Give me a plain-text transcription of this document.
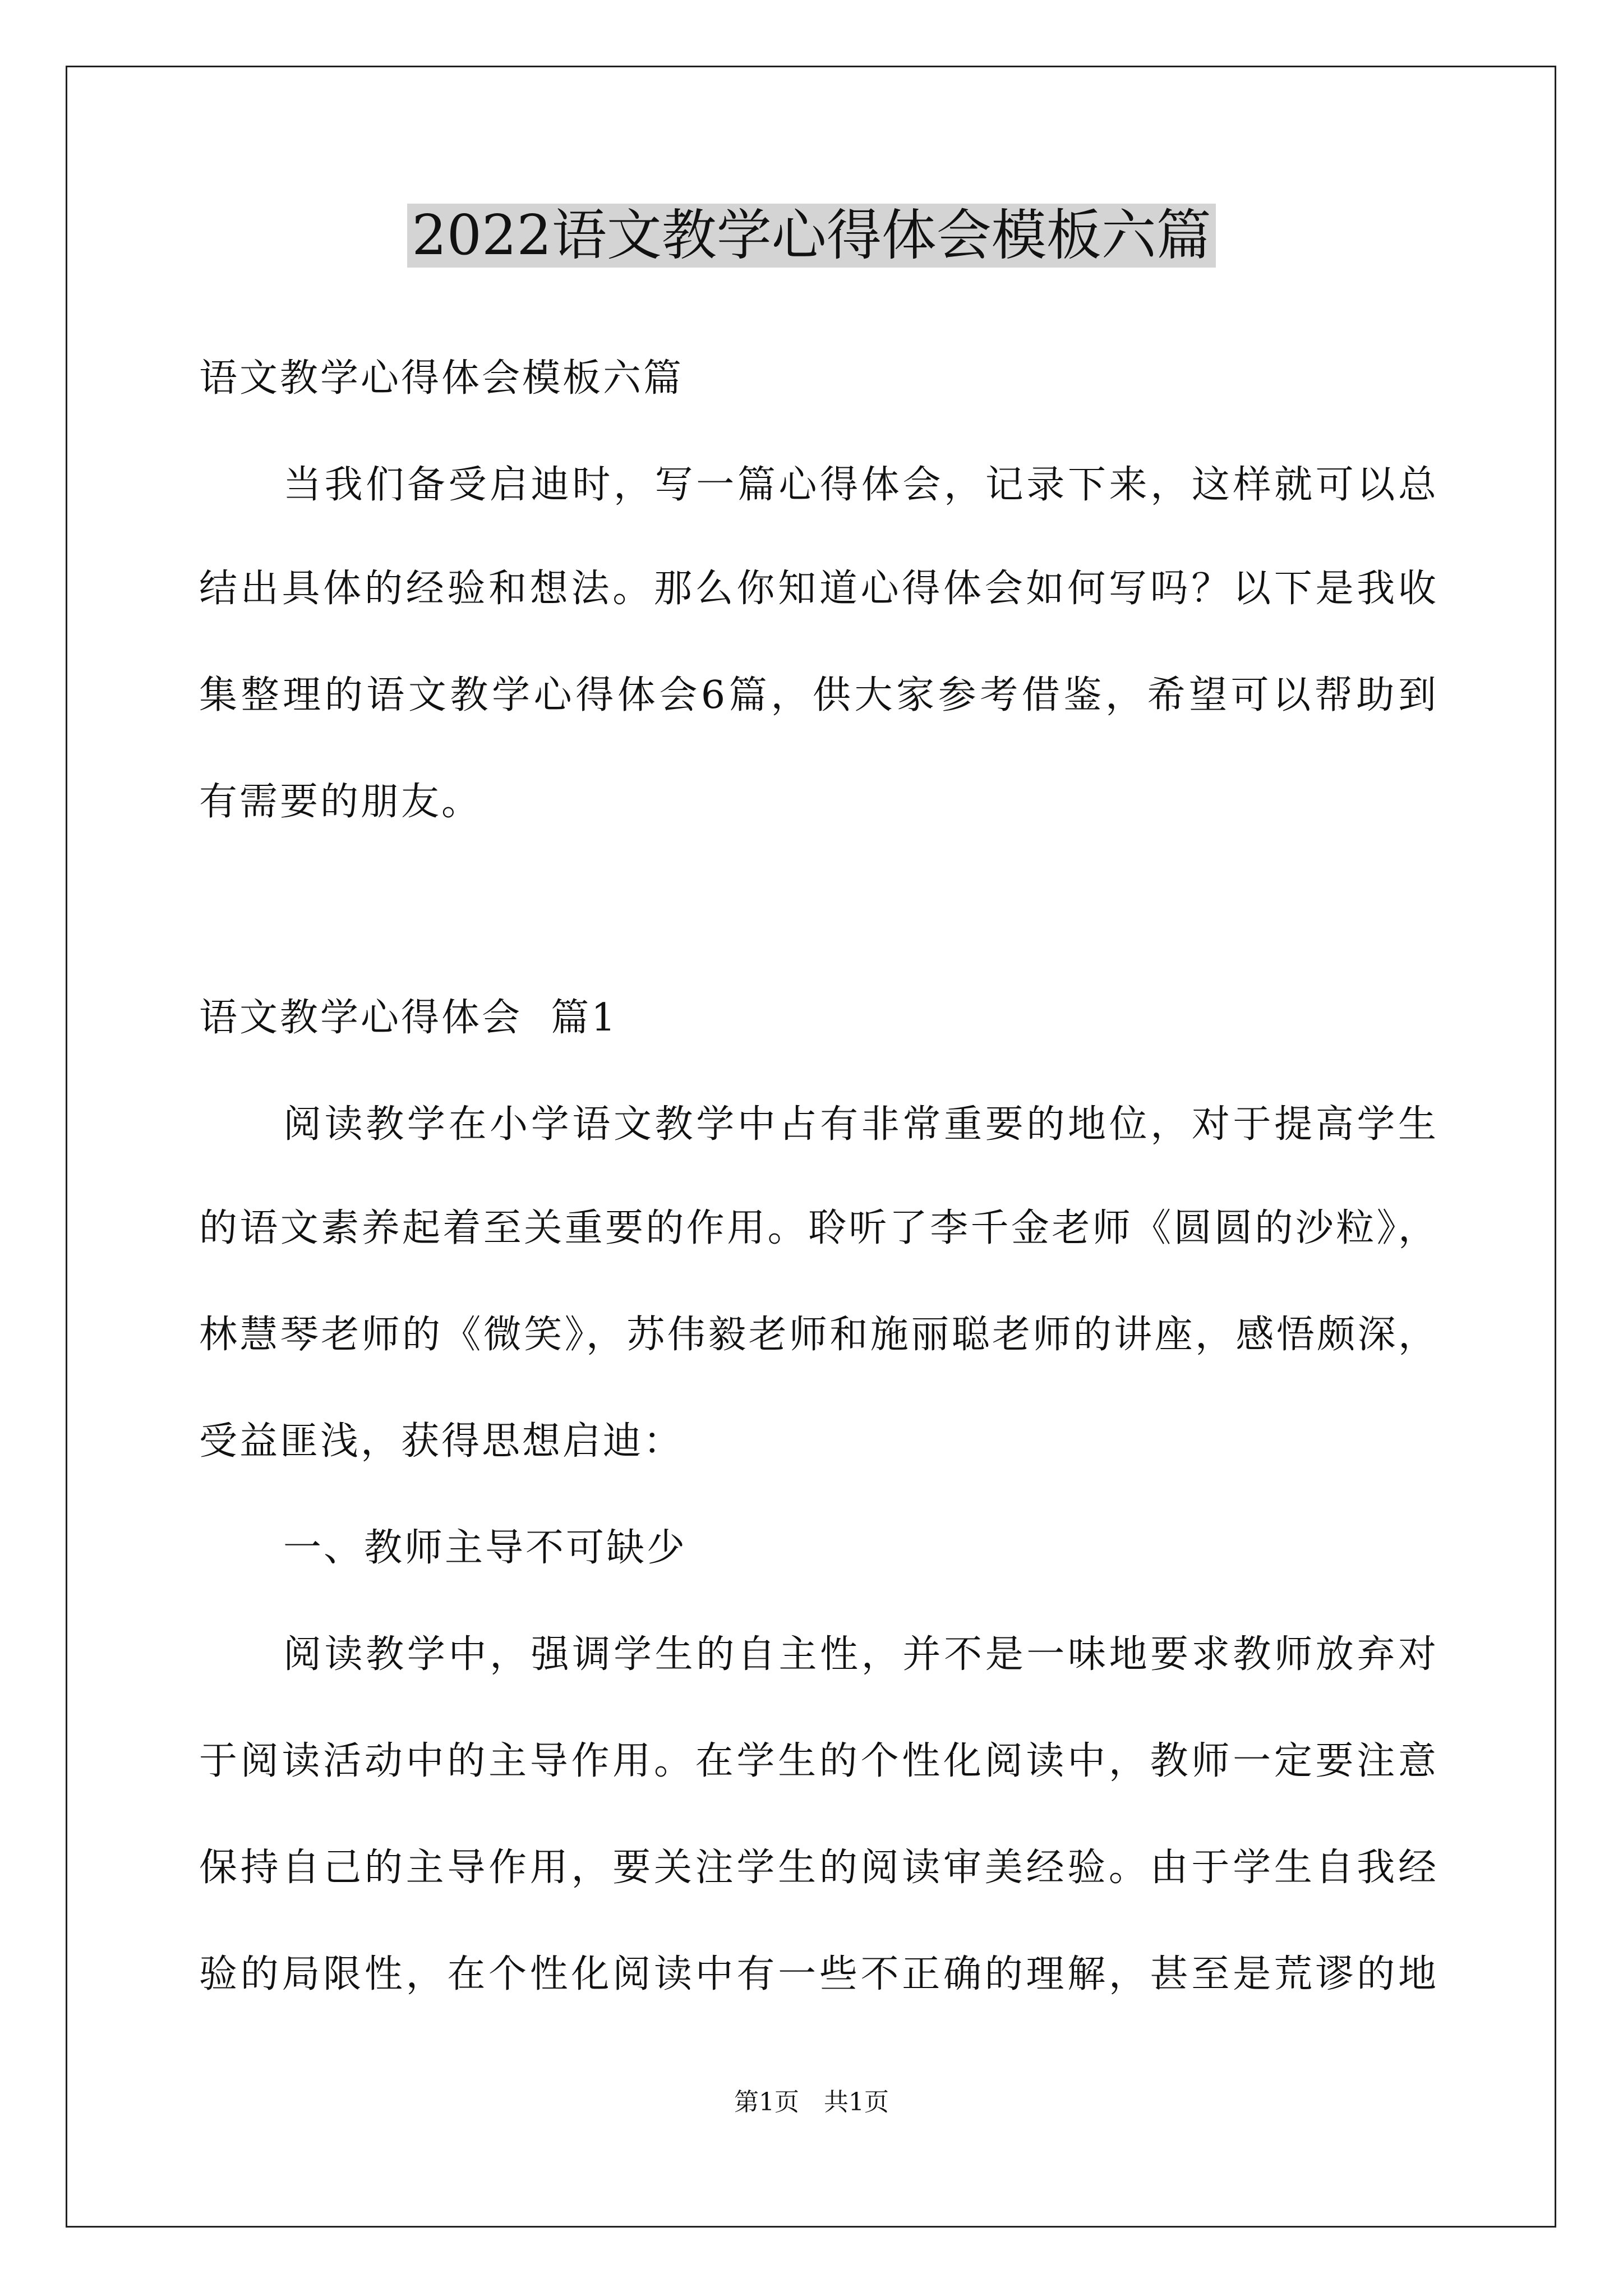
2022语文教学心得体会模板六篇
语文教学心得体会模板六篇
当我们备受启迪时，写一篇心得体会，记录下来，这样就可以总
结出具体的经验和想法。那么你知道心得体会如何写吗？以下是我收
集整理的语文教学心得体会6篇，供大家参考借鉴，希望可以帮助到
有需要的朋友。
语文教学心得体会  篇1
阅读教学在小学语文教学中占有非常重要的地位，对于提高学生
的语文素养起着至关重要的作用。聆听了李千金老师《圆圆的沙粒》，
林慧琴老师的《微笑》，苏伟毅老师和施丽聪老师的讲座，感悟颇深，
受益匪浅，获得思想启迪：
一、教师主导不可缺少
阅读教学中，强调学生的自主性，并不是一味地要求教师放弃对
于阅读活动中的主导作用。在学生的个性化阅读中，教师一定要注意
保持自己的主导作用，要关注学生的阅读审美经验。由于学生自我经
验的局限性，在个性化阅读中有一些不正确的理解，甚至是荒谬的地
第1页　共1页
